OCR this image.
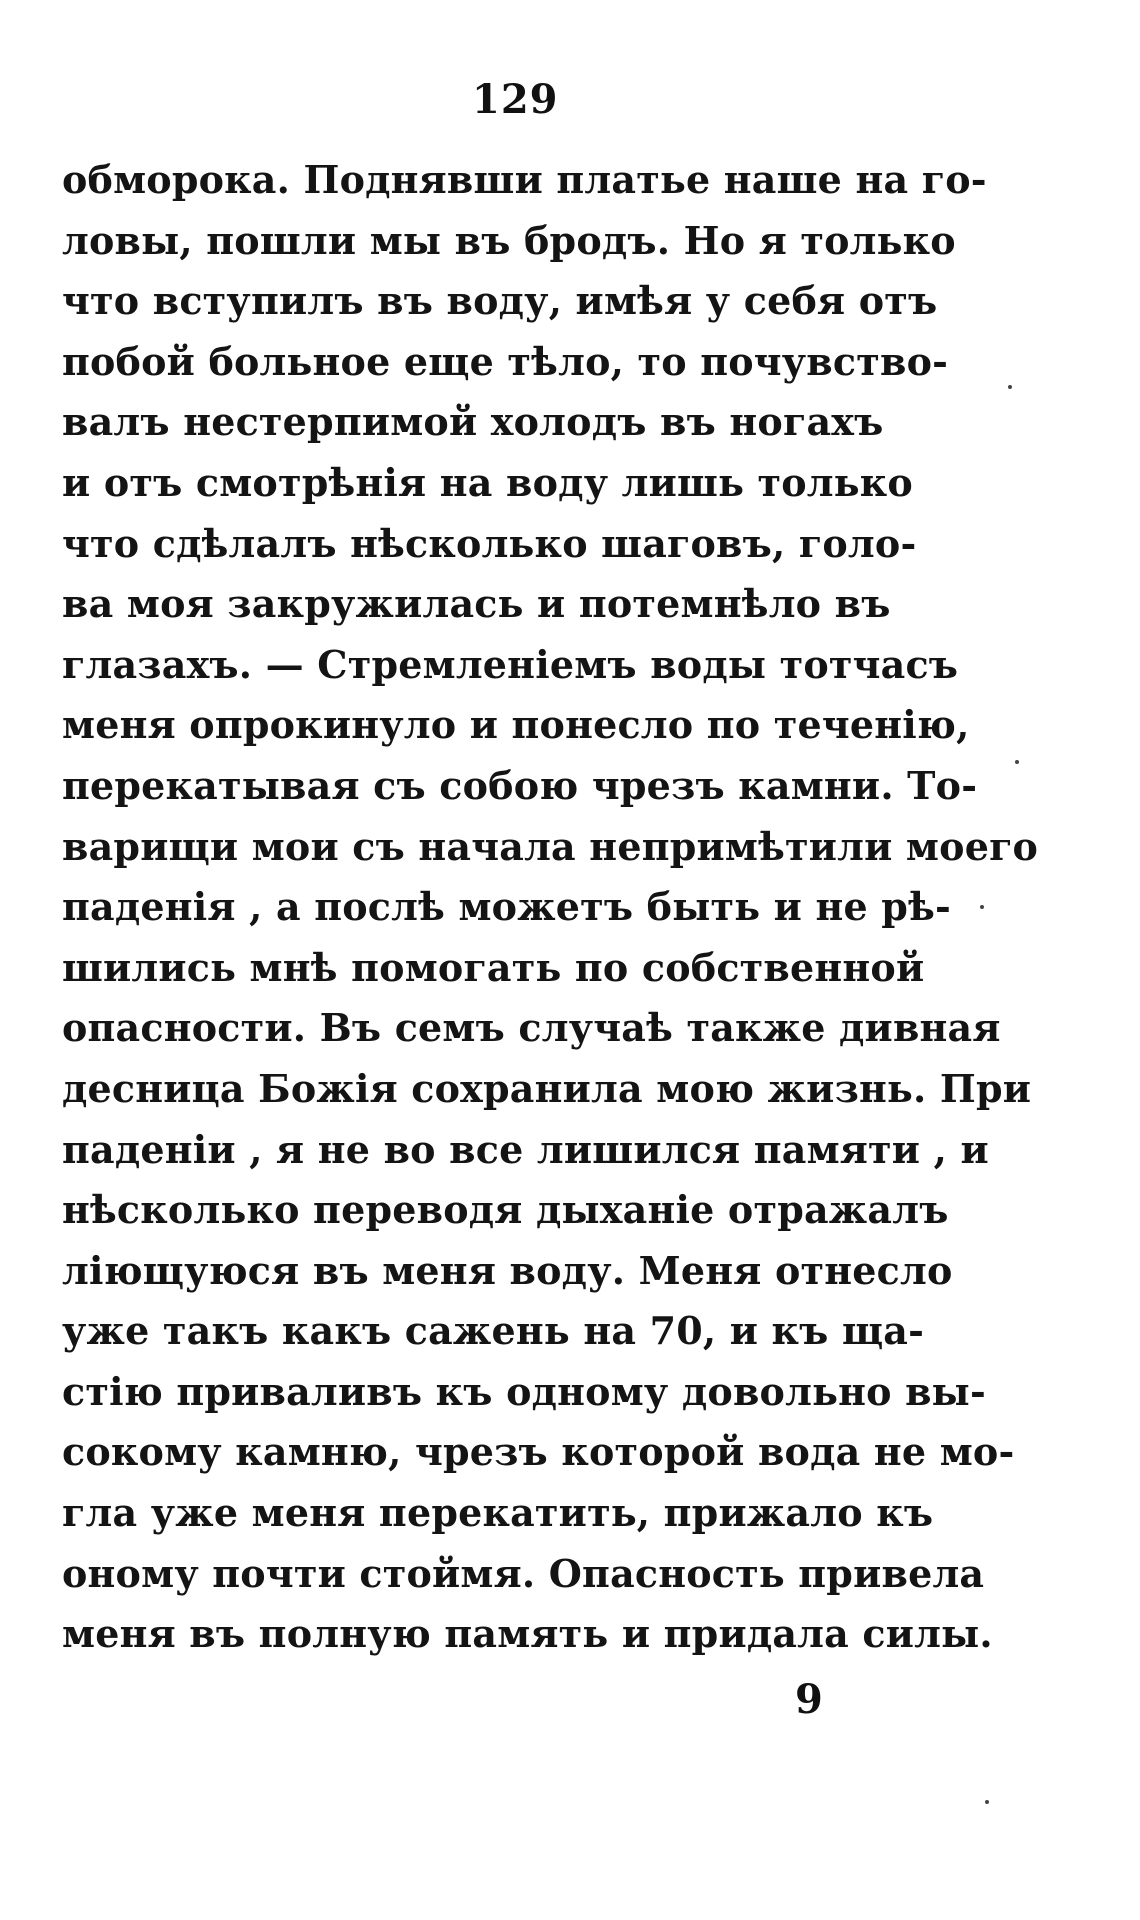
129
обморока. Поднявши платье наше на го-
ловы, пошли мы въ бродъ. Но я только
что вступилъ въ воду, имѣя у себя отъ
побой больное еще тѣло, то почувство-
валъ нестерпимой холодъ въ ногахъ
и отъ смотрѣнія на воду лишь только
что сдѣлалъ нѣсколько шаговъ, голо-
ва моя закружилась и потемнѣло въ
глазахъ. — Стремленіемъ воды тотчасъ
меня опрокинуло и понесло по теченію,
перекатывая съ собою чрезъ камни. То-
варищи мои съ начала непримѣтили моего
паденія , а послѣ можетъ быть и не рѣ-
шились мнѣ помогать по собственной
опасности. Въ семъ случаѣ также дивная
десница Божія сохранила мою жизнь. При
паденіи , я не во все лишился памяти , и
нѣсколько переводя дыханіе отражалъ
ліющуюся въ меня воду. Меня отнесло
уже такъ какъ сажень на 70, и къ щa-
стію приваливъ къ одному довольно вы-
сокому камню, чрезъ которой вода не мо-
гла уже меня перекатить, прижало къ
оному почти стоймя. Опасность привела
меня въ полную память и придала силы.
9
